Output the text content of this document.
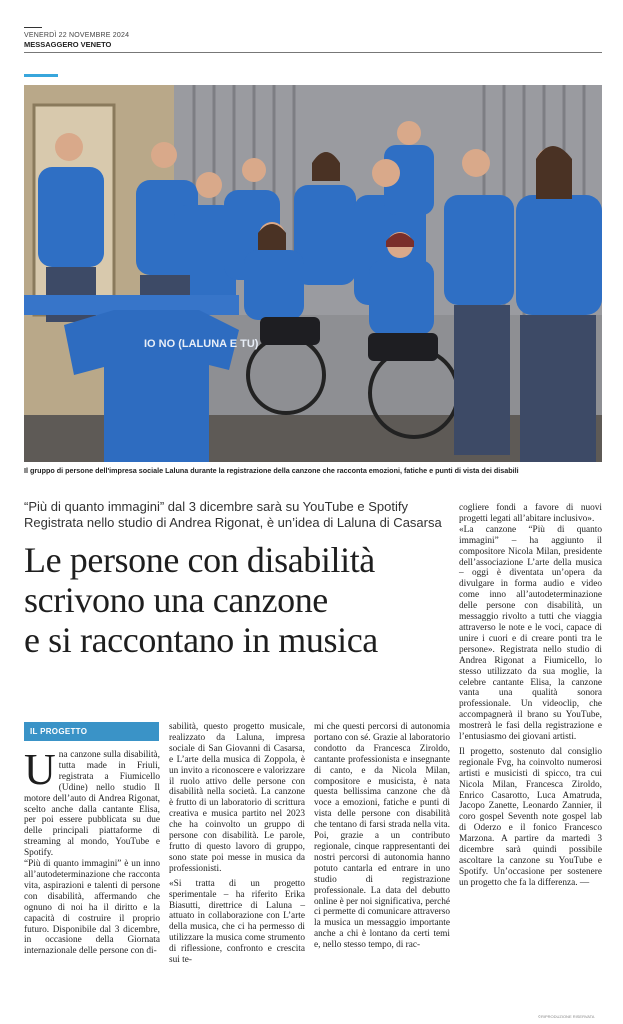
VENERDÌ 22 NOVEMBRE 2024
MESSAGGERO VENETO
IO NO (LALUNA E TU)
Il gruppo di persone dell'impresa sociale Laluna durante la registrazione della canzone che racconta emozioni, fatiche e punti di vista dei disabili
“Più di quanto immagini” dal 3 dicembre sarà su YouTube e Spotify
Registrata nello studio di Andrea Rigonat, è un’idea di Laluna di Casarsa
Le persone con disabilità
scrivono una canzone
e si raccontano in musica
IL PROGETTO

Una canzone sulla disabilità, tutta made in Friuli, registrata a Fiumicello (Udine) nello studio Il motore dell’auto di Andrea Rigonat, scelto anche dalla cantante Elisa, per poi essere pubblicata su due delle principali piattaforme di streaming al mondo, YouTube e Spotify.

“Più di quanto immagini” è un inno all’autodeterminazione che racconta vita, aspirazioni e talenti di persone con disabilità, affermando che ognuno di noi ha il diritto e la capacità di costruire il proprio futuro. Disponibile dal 3 dicembre, in occasione della Giornata internazionale delle persone con di-

sabilità, questo progetto musicale, realizzato da Laluna, impresa sociale di San Giovanni di Casarsa, e L’arte della musica di Zoppola, è un invito a riconoscere e valorizzare il ruolo attivo delle persone con disabilità nella società. La canzone è frutto di un laboratorio di scrittura creativa e musica partito nel 2023 che ha coinvolto un gruppo di persone con disabilità. Le parole, frutto di questo lavoro di gruppo, sono state poi messe in musica da professionisti.

«Si tratta di un progetto sperimentale – ha riferito Erika Biasutti, direttrice di Laluna – attuato in collaborazione con L’arte della musica, che ci ha permesso di utilizzare la musica come strumento di riflessione, confronto e crescita sui te-

mi che questi percorsi di autonomia portano con sé. Grazie al laboratorio condotto da Francesca Ziroldo, cantante professionista e insegnante di canto, e da Nicola Milan, compositore e musicista, è nata questa bellissima canzone che dà voce a emozioni, fatiche e punti di vista delle persone con disabilità che tentano di farsi strada nella vita. Poi, grazie a un contributo regionale, cinque rappresentanti dei nostri percorsi di autonomia hanno potuto cantarla ed entrare in uno studio di registrazione professionale. La data del debutto online è per noi significativa, perché ci permette di comunicare attraverso la musica un messaggio importante anche a chi è lontano da certi temi e, nello stesso tempo, di rac-

cogliere fondi a favore di nuovi progetti legati all’abitare inclusivo».

«La canzone “Più di quanto immagini” – ha aggiunto il compositore Nicola Milan, presidente dell’associazione L’arte della musica – oggi è diventata un’opera da divulgare in forma audio e video come inno all’autodeterminazione delle persone con disabilità, un messaggio rivolto a tutti che viaggia attraverso le note e le voci, capace di unire i cuori e di creare ponti tra le persone». Registrata nello studio di Andrea Rigonat a Fiumicello, lo stesso utilizzato da sua moglie, la celebre cantante Elisa, la canzone vanta una qualità sonora professionale. Un videoclip, che accompagnerà il brano su YouTube, mostrerà le fasi della registrazione e l’entusiasmo dei giovani artisti.

Il progetto, sostenuto dal consiglio regionale Fvg, ha coinvolto numerosi artisti e musicisti di spicco, tra cui Nicola Milan, Francesca Ziroldo, Enrico Casarotto, Luca Amatruda, Jacopo Zanette, Leonardo Zannier, il coro gospel Seventh note gospel lab di Oderzo e il fonico Francesco Marzona. A partire da martedì 3 dicembre sarà quindi possibile ascoltare la canzone su YouTube e Spotify. Un’occasione per sostenere un progetto che fa la differenza. —

©RIPRODUZIONE RISERVATA
